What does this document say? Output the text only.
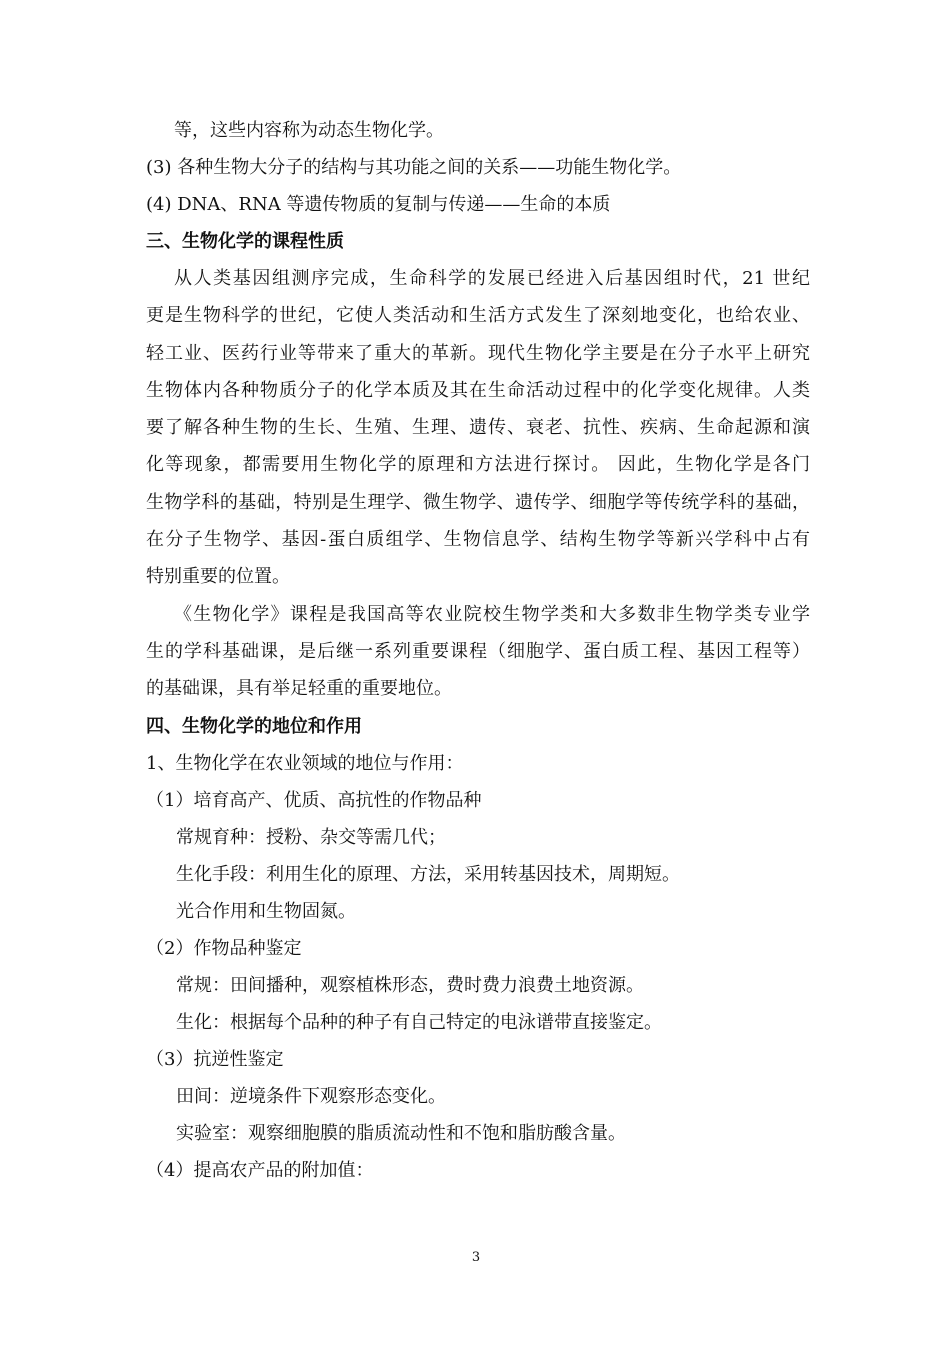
等，这些内容称为动态生物化学。
(3) 各种生物大分子的结构与其功能之间的关系——功能生物化学。
(4) DNA、RNA 等遗传物质的复制与传递——生命的本质
三、生物化学的课程性质
从人类基因组测序完成，生命科学的发展已经进入后基因组时代，21 世纪
更是生物科学的世纪，它使人类活动和生活方式发生了深刻地变化，也给农业、
轻工业、医药行业等带来了重大的革新。现代生物化学主要是在分子水平上研究
生物体内各种物质分子的化学本质及其在生命活动过程中的化学变化规律。人类
要了解各种生物的生长、生殖、生理、遗传、衰老、抗性、疾病、生命起源和演
化等现象，都需要用生物化学的原理和方法进行探讨。 因此，生物化学是各门
生物学科的基础，特别是生理学、微生物学、遗传学、细胞学等传统学科的基础，
在分子生物学、基因-蛋白质组学、生物信息学、结构生物学等新兴学科中占有
特别重要的位置。
《生物化学》课程是我国高等农业院校生物学类和大多数非生物学类专业学
生的学科基础课，是后继一系列重要课程（细胞学、蛋白质工程、基因工程等）
的基础课，具有举足轻重的重要地位。
四、生物化学的地位和作用
1、生物化学在农业领域的地位与作用：
（1）培育高产、优质、高抗性的作物品种
常规育种：授粉、杂交等需几代；
生化手段：利用生化的原理、方法，采用转基因技术，周期短。
光合作用和生物固氮。
（2）作物品种鉴定
常规：田间播种，观察植株形态，费时费力浪费土地资源。
生化：根据每个品种的种子有自己特定的电泳谱带直接鉴定。
（3）抗逆性鉴定
田间：逆境条件下观察形态变化。
实验室：观察细胞膜的脂质流动性和不饱和脂肪酸含量。
（4）提高农产品的附加值：
3
